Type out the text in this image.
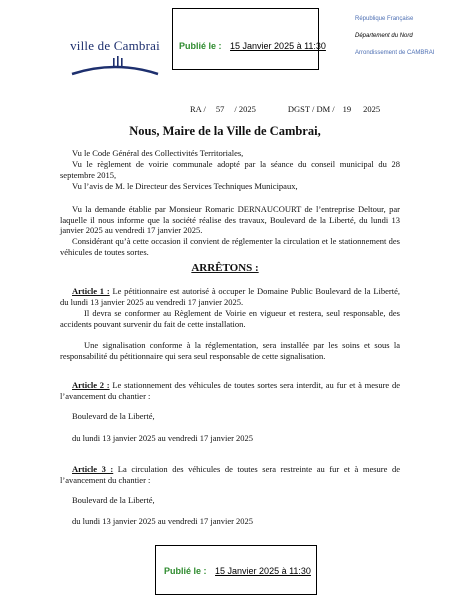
ville de Cambrai Publié le : 15 Janvier 2025 à 11:30
République Française
Département du Nord
Arrondissement de CAMBRAI
RA / 57 / 2025	DGST / DM / 19 2025
Nous, Maire de la Ville de Cambrai,
Vu le Code Général des Collectivités Territoriales,
Vu le règlement de voirie communale adopté par la séance du conseil municipal du 28 septembre 2015,
Vu l’avis de M. le Directeur des Services Techniques Municipaux,
Vu la demande établie par Monsieur Romaric DERNAUCOURT de l’entreprise Deltour, par laquelle il nous informe que la société réalise des travaux, Boulevard de la Liberté, du lundi 13 janvier 2025 au vendredi 17 janvier 2025.
Considérant qu’à cette occasion il convient de réglementer la circulation et le stationnement des véhicules de toutes sortes.
ARRÊTONS :
Article 1 : Le pétitionnaire est autorisé à occuper le Domaine Public Boulevard de la Liberté, du lundi 13 janvier 2025 au vendredi 17 janvier 2025.
Il devra se conformer au Règlement de Voirie en vigueur et restera, seul responsable, des accidents pouvant survenir du fait de cette installation.
Une signalisation conforme à la réglementation, sera installée par les soins et sous la responsabilité du pétitionnaire qui sera seul responsable de cette signalisation.
Article 2 : Le stationnement des véhicules de toutes sortes sera interdit, au fur et à mesure de l’avancement du chantier :
Boulevard de la Liberté,
du lundi 13 janvier 2025 au vendredi 17 janvier 2025
Article 3 : La circulation des véhicules de toutes sera restreinte au fur et à mesure de l’avancement du chantier :
Boulevard de la Liberté,
du lundi 13 janvier 2025 au vendredi 17 janvier 2025
Publié le : 15 Janvier 2025 à 11:30
